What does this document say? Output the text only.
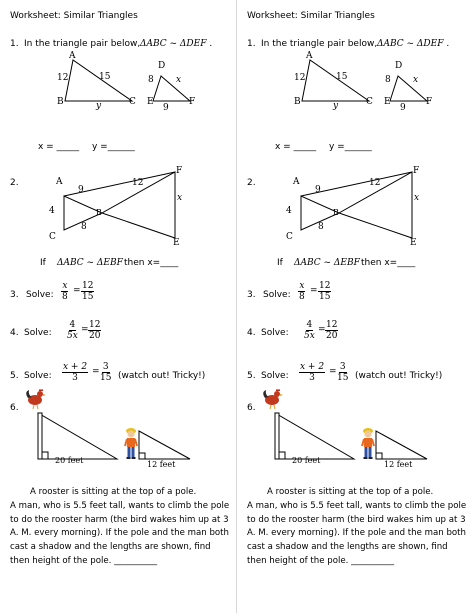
Worksheet: Similar Triangles
1. In the triangle pair below, ΔABC ~ ΔDEF .
A
B	C
12	15
y
D
E	F
8 x
9
x = _____ y =______
2.	A
9
12
F
4	B
8
x
C
E
If ΔABC ~ ΔEBF then x=____
3. Solve: $\frac{x}{8} = \frac{12}{15}$
4. Solve: $\frac{4}{5x} = \frac{12}{20}$
5. Solve: $\frac{x + 2}{3} = \frac{3}{15}$ (watch out! Tricky!)
6.
20 feet	12 feet
A rooster is sitting at the top of a pole.
A man, who is 5.5 feet tall, wants to climb the pole to do the rooster harm (the bird wakes him up at 3 A. M. every morning). If the pole and the man both cast a shadow and the lengths are shown, find then height of the pole. __________
Worksheet: Similar Triangles
1. In the triangle pair below, ΔABC ~ ΔDEF .
A
B	C
12	15
y
D
E	F
8 x
9
x = _____ y =______
2.	A
9
12
F
4	B
8
x
C
E
If ΔABC ~ ΔEBF then x=____
3. Solve: $\frac{x}{8} = \frac{12}{15}$
4. Solve: $\frac{4}{5x} = \frac{12}{20}$
5. Solve: $\frac{x + 2}{3} = \frac{3}{15}$ (watch out! Tricky!)
6.
20 feet	12 feet
A rooster is sitting at the top of a pole.
A man, who is 5.5 feet tall, wants to climb the pole to do the rooster harm (the bird wakes him up at 3 A. M. every morning). If the pole and the man both cast a shadow and the lengths are shown, find then height of the pole. __________
